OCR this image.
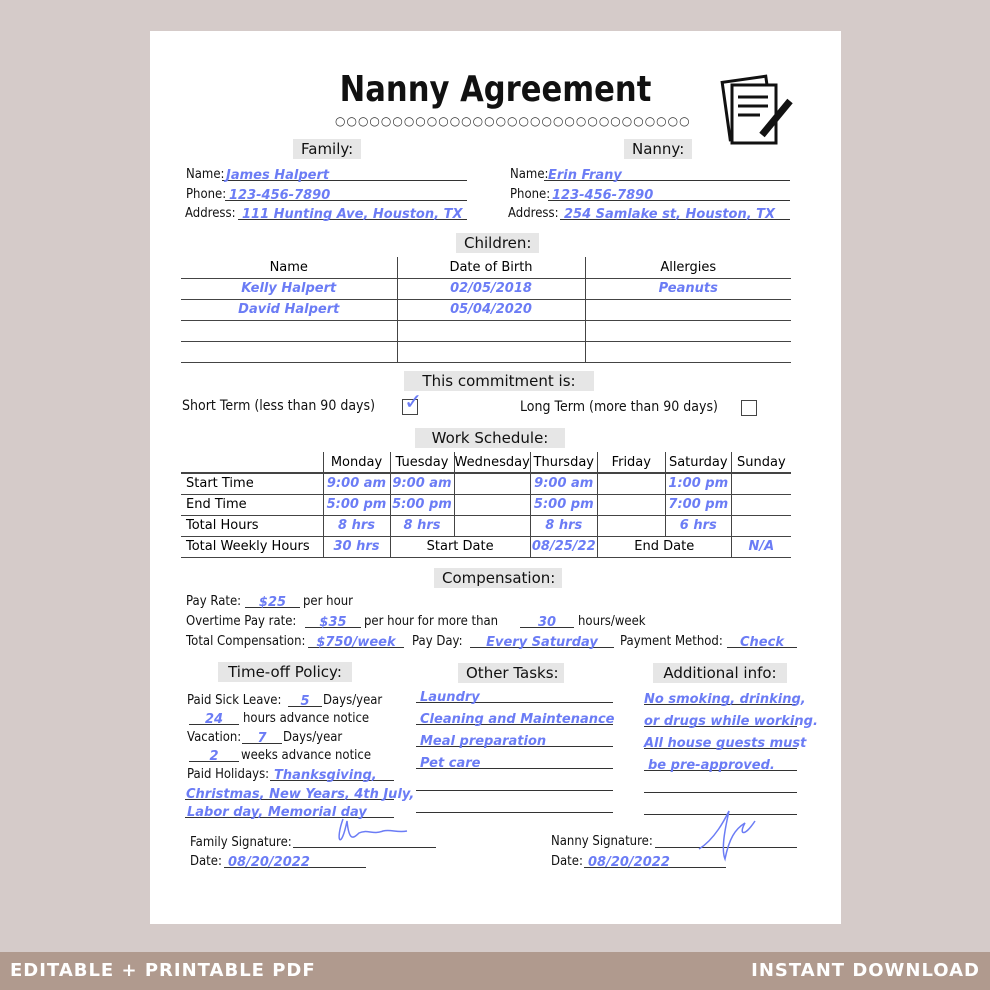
Nanny Agreement
○○○○○○○○○○○○○○○○○○○○○○○○○○○○○○○
Family:
Name: James Halpert
Phone: 123-456-7890
Address: 111 Hunting Ave, Houston, TX
Nanny:
Name: Erin Frany
Phone: 123-456-7890
Address: 254 Samlake st, Houston, TX
Children:
Name	Date of Birth	Allergies
Kelly Halpert	02/05/2018	Peanuts
David Halpert	05/04/2020	

This commitment is:
Short Term (less than 90 days) ✓	Long Term (more than 90 days)
Work Schedule:
	Monday	Tuesday	Wednesday	Thursday	Friday	Saturday	Sunday
Start Time	9:00 am	9:00 am		9:00 am		1:00 pm	
End Time	5:00 pm	5:00 pm		5:00 pm		7:00 pm	
Total Hours	8 hrs	8 hrs		8 hrs		6 hrs	
Total Weekly Hours	30 hrs	Start Date		08/25/22	End Date		N/A
Compensation:
Pay Rate:	$25	per hour
Overtime Pay rate:	$35	per hour for more than	30	hours/week
Total Compensation: $750/week	Pay Day:	Every Saturday	Payment Method:	Check
Time-off Policy:
Paid Sick Leave:	5	Days/year
24	hours advance notice
Vacation:	7	Days/year
2	weeks advance notice
Paid Holidays: Thanksgiving,
Christmas, New Years, 4th July,
Labor day, Memorial day
Other Tasks:
Laundry
Cleaning and Maintenance
Meal preparation
Pet care
Additional info:
No smoking, drinking,
or drugs while working.
All house guests must
be pre-approved.
Family Signature:
Date: 08/20/2022
Nanny Signature:
Date: 08/20/2022
EDITABLE + PRINTABLE PDF	INSTANT DOWNLOAD
